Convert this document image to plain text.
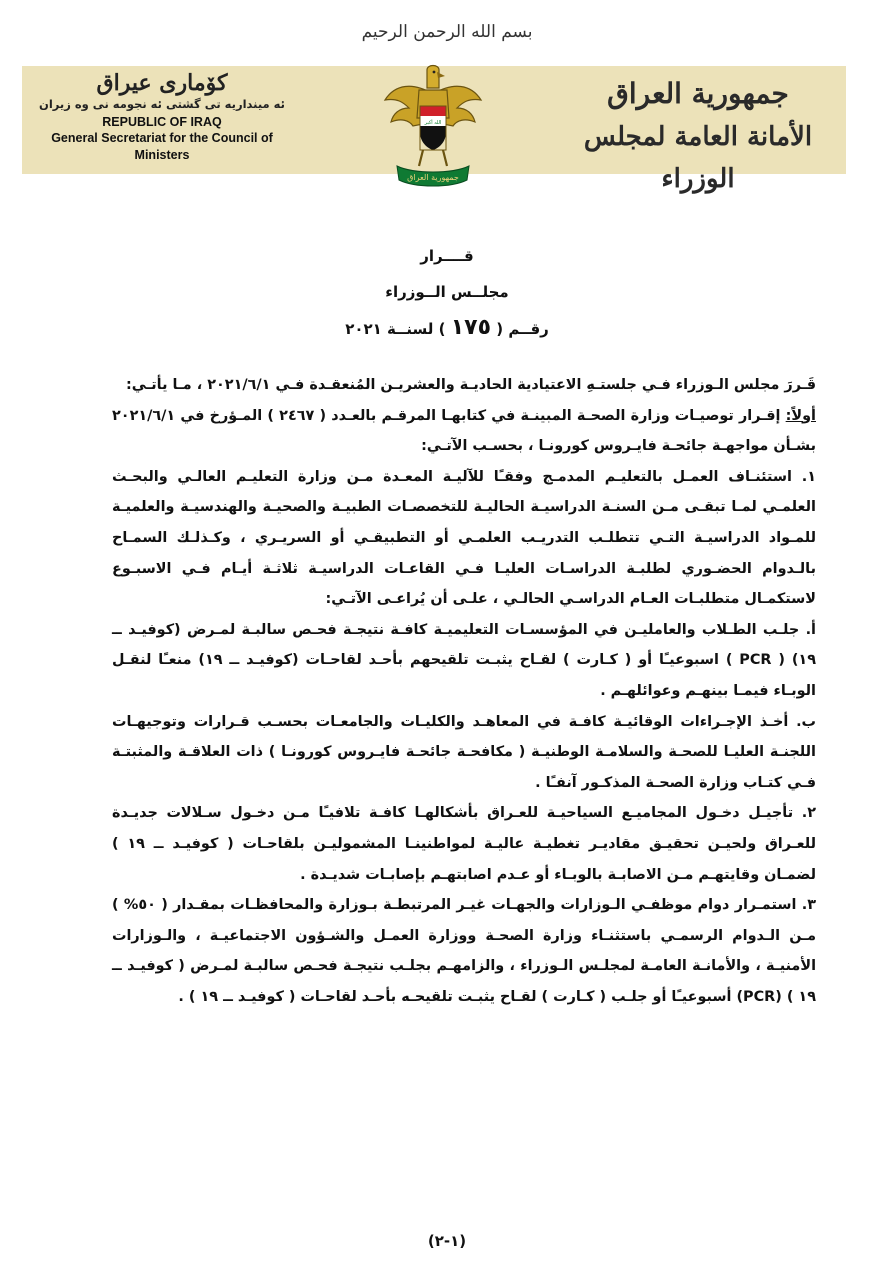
بسم الله الرحمن الرحيم
كۆمارى عيراق
ئه مینداریه تی گشتی ئه نجومه نی وه زیران
REPUBLIC OF IRAQ
General Secretariat for the Council of Ministers
جمهورية العراق
الأمانة العامة لمجلس الوزراء
الله أكبر
جمهورية العراق
قــــرار
مجلــس الــوزراء
رقــم ( ١٧٥ ) لسنــة ٢٠٢١

قَـررَ مجلس الـوزراء فـي جلستـهِ الاعتيادية الحاديـة والعشريـن المُنعقـدة فـي ٢٠٢١/٦/١ ، مـا يأتـي:

أولاً: إقـرار توصيـات وزارة الصحـة المبينـة في كتابهـا المرقـم بالعـدد ( ٢٤٦٧ ) المـؤرخ في ٢٠٢١/٦/١ بشـأن مواجهـة جائحـة فايـروس كورونـا ، بحسـب الآتـي:

١. استئنـاف العمـل بالتعليـم المدمـج وفقـًا للآليـة المعـدة مـن وزارة التعليـم العالـي والبحـث العلمـي لمـا تبقـى مـن السنـة الدراسيـة الحاليـة للتخصصـات الطبيـة والصحيـة والهندسيـة والعلميـة للمـواد الدراسيـة التـي تتطلـب التدريـب العلمـي أو التطبيقـي أو السريـري ، وكـذلـك السمـاح بالـدوام الحضـوري لطلبـة الدراسـات العليـا فـي القاعـات الدراسيـة ثلاثـة أيـام فـي الاسبـوع لاستكمـال متطلبـات العـام الدراسـي الحالـي ، علـى أن يُراعـى الآتـي:

أ. جلـب الطـلاب والعامليـن في المؤسسـات التعليميـة كافـة نتيجـة فحـص سالبـة لمـرض (كوفيـد ــ ١٩) ( PCR ) اسبوعيـًا أو ( كـارت ) لقـاح يثبـت تلقيحهم بأحـد لقاحـات (كوفيـد ــ ١٩) منعـًا لنقـل الوبـاء فيمـا بينهـم وعوائلهـم .

ب. أخـذ الإجـراءات الوقائيـة كافـة في المعاهـد والكليـات والجامعـات بحسـب قـرارات وتوجيهـات اللجنـة العليـا للصحـة والسلامـة الوطنيـة ( مكافحـة جائحـة فايـروس كورونـا ) ذات العلاقـة والمثبتـة فـي كتـاب وزارة الصحـة المذكـور آنفـًا .

٢. تأجيـل دخـول المجاميـع السياحيـة للعـراق بأشكالهـا كافـة تلافيـًا مـن دخـول سـلالات جديـدة للعـراق ولحيـن تحقيـق مقاديـر تغطيـة عاليـة لمواطنينـا المشموليـن بلقاحـات ( كوفيـد ــ ١٩ ) لضمـان وقايتهـم مـن الاصابـة بالوبـاء أو عـدم اصابتهـم بإصابـات شديـدة .

٣. استمـرار دوام موظفـي الـوزارات والجهـات غيـر المرتبطـة بـوزارة والمحافظـات بمقـدار ( ٥٠% ) مـن الـدوام الرسمـي باستثنـاء وزارة الصحـة ووزارة العمـل والشـؤون الاجتماعيـة ، والـوزارات الأمنيـة ، والأمانـة العامـة لمجلـس الـوزراء ، والزامهـم بجلـب نتيجـة فحـص سالبـة لمـرض ( كوفيـد ــ ١٩ ) (PCR) أسبوعيـًا أو جلـب ( كـارت ) لقـاح يثبـت تلقيحـه بأحـد لقاحـات ( كوفيـد ــ ١٩ ) .

(١-٢)
